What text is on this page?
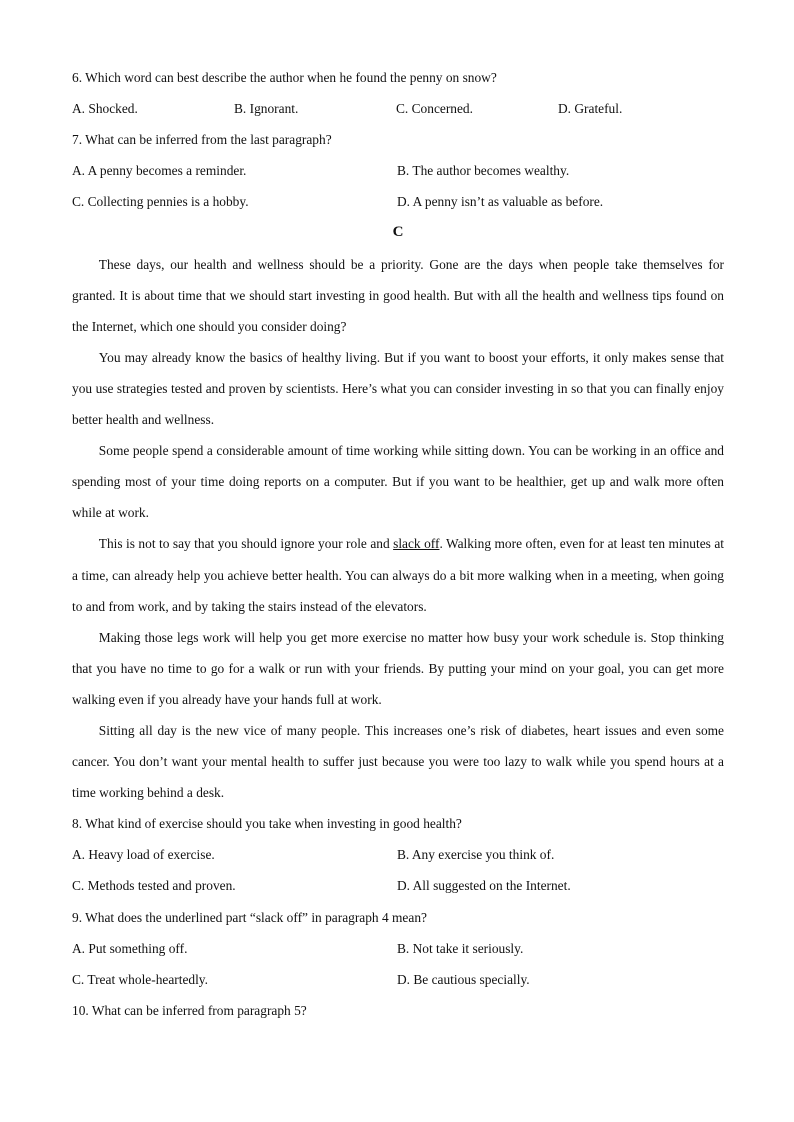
6. Which word can best describe the author when he found the penny on snow?
A. Shocked.	B. Ignorant.	C. Concerned.	D. Grateful.
7. What can be inferred from the last paragraph?
A. A penny becomes a reminder.	B. The author becomes wealthy.
C. Collecting pennies is a hobby.	D. A penny isn’t as valuable as before.
C

These days, our health and wellness should be a priority. Gone are the days when people take themselves for granted. It is about time that we should start investing in good health. But with all the health and wellness tips found on the Internet, which one should you consider doing?

You may already know the basics of healthy living. But if you want to boost your efforts, it only makes sense that you use strategies tested and proven by scientists. Here’s what you can consider investing in so that you can finally enjoy better health and wellness.

Some people spend a considerable amount of time working while sitting down. You can be working in an office and spending most of your time doing reports on a computer. But if you want to be healthier, get up and walk more often while at work.

This is not to say that you should ignore your role and slack off. Walking more often, even for at least ten minutes at a time, can already help you achieve better health. You can always do a bit more walking when in a meeting, when going to and from work, and by taking the stairs instead of the elevators.

Making those legs work will help you get more exercise no matter how busy your work schedule is. Stop thinking that you have no time to go for a walk or run with your friends. By putting your mind on your goal, you can get more walking even if you already have your hands full at work.

Sitting all day is the new vice of many people. This increases one’s risk of diabetes, heart issues and even some cancer. You don’t want your mental health to suffer just because you were too lazy to walk while you spend hours at a time working behind a desk.

8. What kind of exercise should you take when investing in good health?
A. Heavy load of exercise.	B. Any exercise you think of.
C. Methods tested and proven.	D. All suggested on the Internet.
9. What does the underlined part “slack off” in paragraph 4 mean?
A. Put something off.	B. Not take it seriously.
C. Treat whole-heartedly.	D. Be cautious specially.
10. What can be inferred from paragraph 5?
